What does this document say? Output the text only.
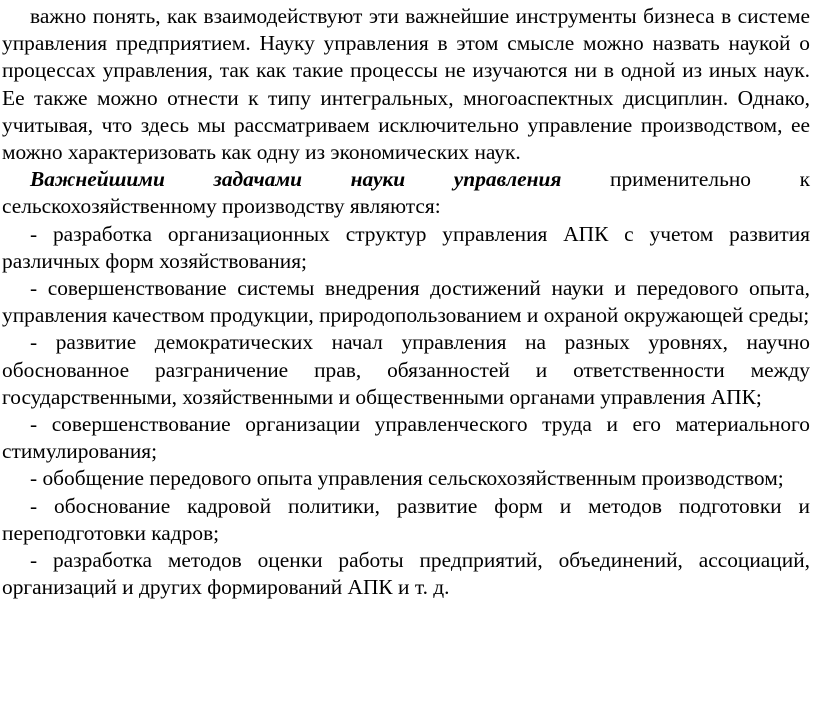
важно понять, как взаимодействуют эти важнейшие инструменты бизнеса в системе управления предприятием. Науку управления в этом смысле можно назвать наукой о процессах управления, так как такие процессы не изучаются ни в одной из иных наук. Ее также можно отнести к типу интегральных, многоаспектных дисциплин. Однако, учитывая, что здесь мы рассматриваем исключительно управление производством, ее можно характеризовать как одну из экономических наук.

Важнейшими задачами науки управления применительно к сельскохозяйственному производству являются:

- разработка организационных структур управления АПК с учетом развития различных форм хозяйствования;

- совершенствование системы внедрения достижений науки и передового опыта, управления качеством продукции, природопользованием и охраной окружающей среды;

- развитие демократических начал управления на разных уровнях, научно обоснованное разграничение прав, обязанностей и ответственности между государственными, хозяйственными и общественными органами управления АПК;

- совершенствование организации управленческого труда и его материального стимулирования;

- обобщение передового опыта управления сельскохозяйственным производством;

- обоснование кадровой политики, развитие форм и методов подготовки и переподготовки кадров;

- разработка методов оценки работы предприятий, объединений, ассоциаций, организаций и других формирований АПК и т. д.
